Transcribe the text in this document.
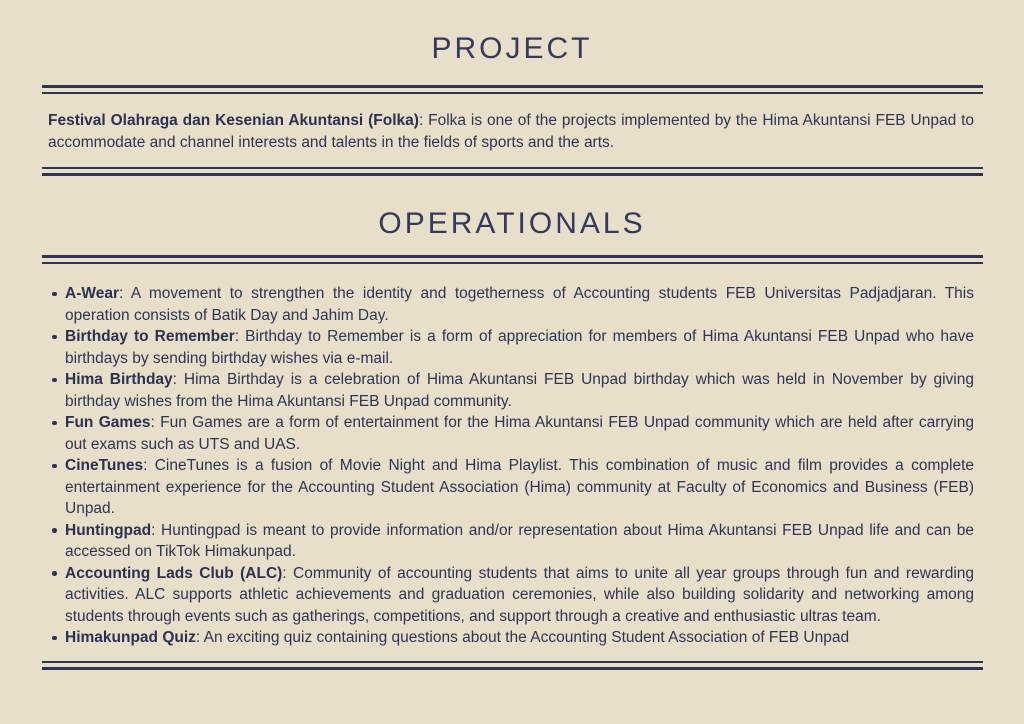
PROJECT

Festival Olahraga dan Kesenian Akuntansi (Folka): Folka is one of the projects implemented by the Hima Akuntansi FEB Unpad to accommodate and channel interests and talents in the fields of sports and the arts.

OPERATIONALS
A-Wear: A movement to strengthen the identity and togetherness of Accounting students FEB Universitas Padjadjaran. This operation consists of Batik Day and Jahim Day.
Birthday to Remember: Birthday to Remember is a form of appreciation for members of Hima Akuntansi FEB Unpad who have birthdays by sending birthday wishes via e-mail.
Hima Birthday: Hima Birthday is a celebration of Hima Akuntansi FEB Unpad birthday which was held in November by giving birthday wishes from the Hima Akuntansi FEB Unpad community.
Fun Games: Fun Games are a form of entertainment for the Hima Akuntansi FEB Unpad community which are held after carrying out exams such as UTS and UAS.
CineTunes: CineTunes is a fusion of Movie Night and Hima Playlist. This combination of music and film provides a complete entertainment experience for the Accounting Student Association (Hima) community at Faculty of Economics and Business (FEB) Unpad.
Huntingpad: Huntingpad is meant to provide information and/or representation about Hima Akuntansi FEB Unpad life and can be accessed on TikTok Himakunpad.
Accounting Lads Club (ALC): Community of accounting students that aims to unite all year groups through fun and rewarding activities. ALC supports athletic achievements and graduation ceremonies, while also building solidarity and networking among students through events such as gatherings, competitions, and support through a creative and enthusiastic ultras team.
Himakunpad Quiz: An exciting quiz containing questions about the Accounting Student Association of FEB Unpad
